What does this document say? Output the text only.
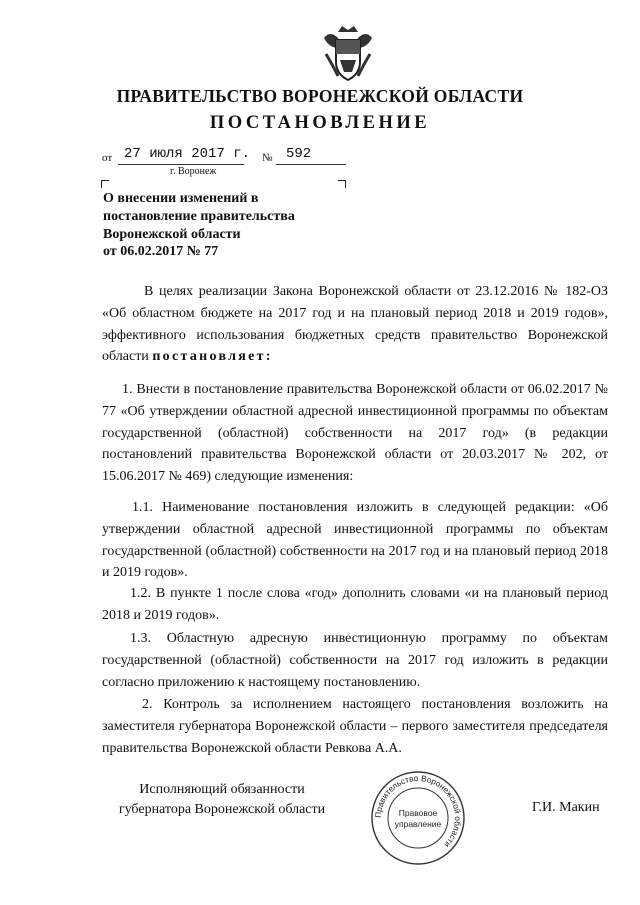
ПРАВИТЕЛЬСТВО ВОРОНЕЖСКОЙ ОБЛАСТИ
ПОСТАНОВЛЕНИЕ
от 27 июля 2017 г. № 592
г. Воронеж
О внесении изменений в
постановление правительства
Воронежской области
от 06.02.2017 № 77
В целях реализации Закона Воронежской области от 23.12.2016 № 182-ОЗ «Об областном бюджете на 2017 год и на плановый период 2018 и 2019 годов», эффективного использования бюджетных средств правительство Воронежской области постановляет:
1. Внести в постановление правительства Воронежской области от 06.02.2017 № 77 «Об утверждении областной адресной инвестиционной программы по объектам государственной (областной) собственности на 2017 год» (в редакции постановлений правительства Воронежской области от 20.03.2017 № 202, от 15.06.2017 № 469) следующие изменения:
1.1. Наименование постановления изложить в следующей редакции: «Об утверждении областной адресной инвестиционной программы по объектам государственной (областной) собственности на 2017 год и на плановый период 2018 и 2019 годов».
1.2. В пункте 1 после слова «год» дополнить словами «и на плановый период 2018 и 2019 годов».
1.3. Областную адресную инвестиционную программу по объектам государственной (областной) собственности на 2017 год изложить в редакции согласно приложению к настоящему постановлению.
2. Контроль за исполнением настоящего постановления возложить на заместителя губернатора Воронежской области – первого заместителя председателя правительства Воронежской области Ревкова А.А.
Исполняющий обязанности
губернатора Воронежской области	Правительство Воронежской области
Правовое
управление
Г.И. Макин
